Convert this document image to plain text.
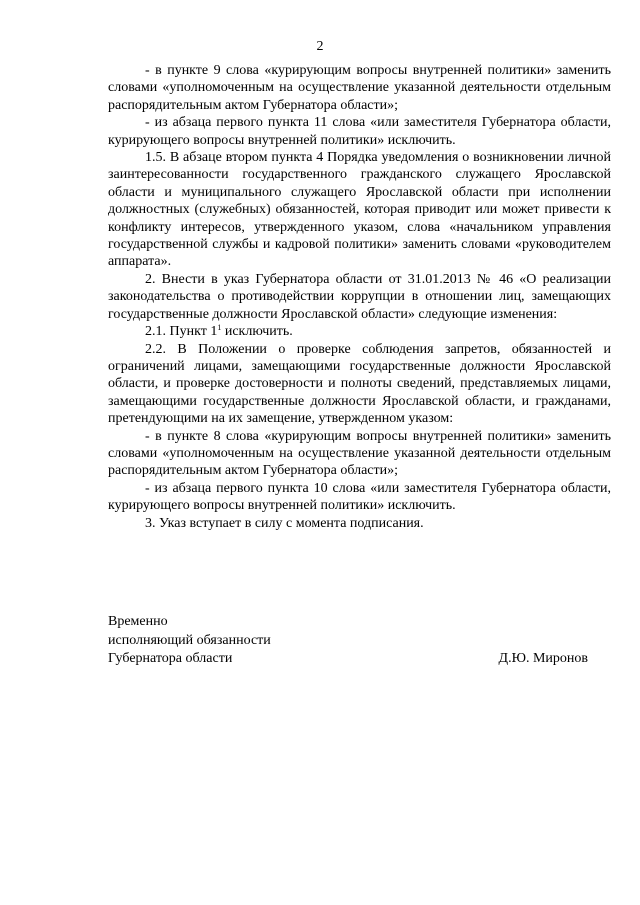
2

- в пункте 9 слова «курирующим вопросы внутренней политики» заменить словами «уполномоченным на осуществление указанной деятельности отдельным распорядительным актом Губернатора области»;

- из абзаца первого пункта 11 слова «или заместителя Губернатора области, курирующего вопросы внутренней политики» исключить.

1.5. В абзаце втором пункта 4 Порядка уведомления о возникновении личной заинтересованности государственного гражданского служащего Ярославской области и муниципального служащего Ярославской области при исполнении должностных (служебных) обязанностей, которая приводит или может привести к конфликту интересов, утвержденного указом, слова «начальником управления государственной службы и кадровой политики» заменить словами «руководителем аппарата».

2. Внести в указ Губернатора области от 31.01.2013 № 46 «О реализации законодательства о противодействии коррупции в отношении лиц, замещающих государственные должности Ярославской области» следующие изменения:

2.1. Пункт $1^1$ исключить.

2.2. В Положении о проверке соблюдения запретов, обязанностей и ограничений лицами, замещающими государственные должности Ярославской области, и проверке достоверности и полноты сведений, представляемых лицами, замещающими государственные должности Ярославской области, и гражданами, претендующими на их замещение, утвержденном указом:

- в пункте 8 слова «курирующим вопросы внутренней политики» заменить словами «уполномоченным на осуществление указанной деятельности отдельным распорядительным актом Губернатора области»;

- из абзаца первого пункта 10 слова «или заместителя Губернатора области, курирующего вопросы внутренней политики» исключить.

3. Указ вступает в силу с момента подписания.

Временно
исполняющий обязанности
Губернатора области	Д.Ю. Миронов
